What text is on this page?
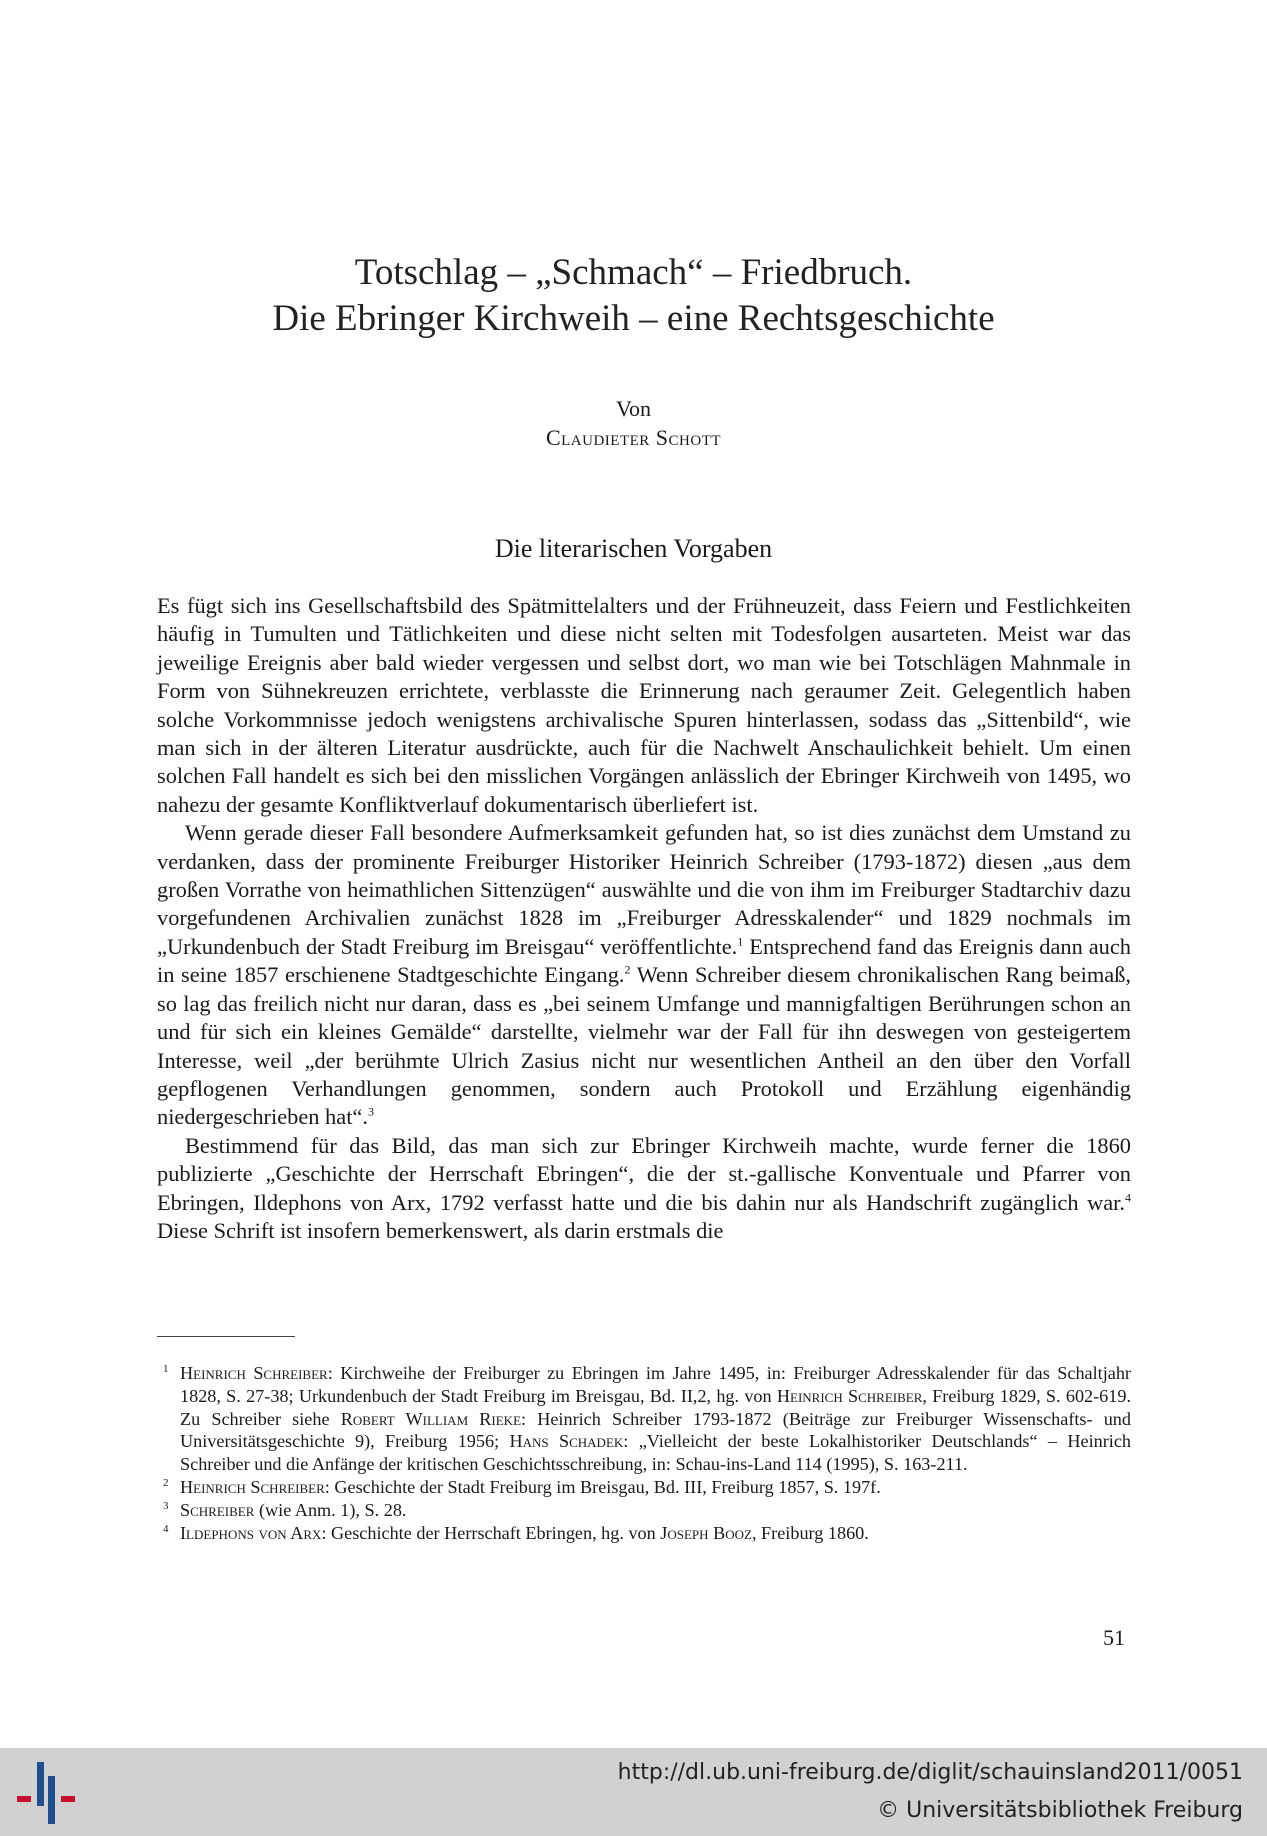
Totschlag – „Schmach“ – Friedbruch.
Die Ebringer Kirchweih – eine Rechtsgeschichte
Von
Claudieter Schott
Die literarischen Vorgaben

Es fügt sich ins Gesellschaftsbild des Spätmittelalters und der Frühneuzeit, dass Feiern und Festlichkeiten häufig in Tumulten und Tätlichkeiten und diese nicht selten mit Todesfolgen ausarteten. Meist war das jeweilige Ereignis aber bald wieder vergessen und selbst dort, wo man wie bei Totschlägen Mahnmale in Form von Sühnekreuzen errichtete, verblasste die Erinnerung nach geraumer Zeit. Gelegentlich haben solche Vorkommnisse jedoch wenigstens archivalische Spuren hinterlassen, sodass das „Sittenbild“, wie man sich in der älteren Literatur ausdrückte, auch für die Nachwelt Anschaulichkeit behielt. Um einen solchen Fall handelt es sich bei den misslichen Vorgängen anlässlich der Ebringer Kirchweih von 1495, wo nahezu der gesamte Konfliktverlauf dokumentarisch überliefert ist.

Wenn gerade dieser Fall besondere Aufmerksamkeit gefunden hat, so ist dies zunächst dem Umstand zu verdanken, dass der prominente Freiburger Historiker Heinrich Schreiber (1793-1872) diesen „aus dem großen Vorrathe von heimathlichen Sittenzügen“ auswählte und die von ihm im Freiburger Stadtarchiv dazu vorgefundenen Archivalien zunächst 1828 im „Freiburger Adresskalender“ und 1829 nochmals im „Urkundenbuch der Stadt Freiburg im Breisgau“ veröffentlichte.$^1$ Entsprechend fand das Ereignis dann auch in seine 1857 erschienene Stadtgeschichte Eingang.$^2$ Wenn Schreiber diesem chronikalischen Rang beimaß, so lag das freilich nicht nur daran, dass es „bei seinem Umfange und mannigfaltigen Berührungen schon an und für sich ein kleines Gemälde“ darstellte, vielmehr war der Fall für ihn deswegen von gesteigertem Interesse, weil „der berühmte Ulrich Zasius nicht nur wesentlichen Antheil an den über den Vorfall gepflogenen Verhandlungen genommen, sondern auch Protokoll und Erzählung eigenhändig niedergeschrieben hat“.$^3$

Bestimmend für das Bild, das man sich zur Ebringer Kirchweih machte, wurde ferner die 1860 publizierte „Geschichte der Herrschaft Ebringen“, die der st.-gallische Konventuale und Pfarrer von Ebringen, Ildephons von Arx, 1792 verfasst hatte und die bis dahin nur als Handschrift zugänglich war.$^4$ Diese Schrift ist insofern bemerkenswert, als darin erstmals die

1 Heinrich Schreiber: Kirchweihe der Freiburger zu Ebringen im Jahre 1495, in: Freiburger Adresskalender für das Schaltjahr 1828, S. 27-38; Urkundenbuch der Stadt Freiburg im Breisgau, Bd. II,2, hg. von Heinrich Schreiber, Freiburg 1829, S. 602-619. Zu Schreiber siehe Robert William Rieke: Heinrich Schreiber 1793-1872 (Beiträge zur Freiburger Wissenschafts- und Universitätsgeschichte 9), Freiburg 1956; Hans Schadek: „Vielleicht der beste Lokalhistoriker Deutschlands“ – Heinrich Schreiber und die Anfänge der kritischen Geschichtsschreibung, in: Schau-ins-Land 114 (1995), S. 163-211.
2 Heinrich Schreiber: Geschichte der Stadt Freiburg im Breisgau, Bd. III, Freiburg 1857, S. 197f.
3 Schreiber (wie Anm. 1), S. 28.
4 Ildephons von Arx: Geschichte der Herrschaft Ebringen, hg. von Joseph Booz, Freiburg 1860.
51
http://dl.ub.uni-freiburg.de/diglit/schauinsland2011/0051
© Universitätsbibliothek Freiburg
